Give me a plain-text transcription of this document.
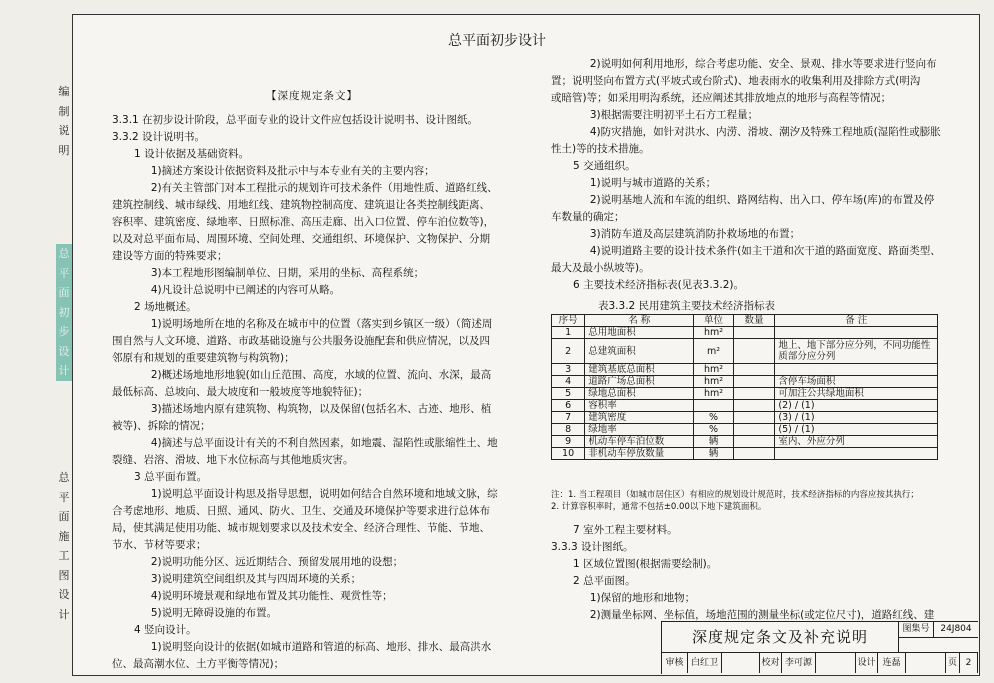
编
制
说
明
总
平
面
初
步
设
计
总
平
面
施
工
图
设
计
总平面初步设计

【深度规定条文】

3.3.1 在初步设计阶段，总平面专业的设计文件应包括设计说明书、设计图纸。

3.3.2 设计说明书。

1 设计依据及基础资料。

1)摘述方案设计依据资料及批示中与本专业有关的主要内容；

2)有关主管部门对本工程批示的规划许可技术条件（用地性质、道路红线、

建筑控制线、城市绿线、用地红线、建筑物控制高度、建筑退让各类控制线距离、

容积率、建筑密度、绿地率、日照标准、高压走廊、出入口位置、停车泊位数等)，

以及对总平面布局、周围环境、空间处理、交通组织、环境保护、文物保护、分期

建设等方面的特殊要求；

3)本工程地形图编制单位、日期，采用的坐标、高程系统；

4)凡设计总说明中已阐述的内容可从略。

2 场地概述。

1)说明场地所在地的名称及在城市中的位置（落实到乡镇区一级）（简述周

围自然与人文环境、道路、市政基础设施与公共服务设施配套和供应情况，以及四

邻原有和规划的重要建筑物与构筑物)；

2)概述场地地形地貌(如山丘范围、高度，水域的位置、流向、水深，最高

最低标高、总坡向、最大坡度和一般坡度等地貌特征)；

3)描述场地内原有建筑物、构筑物，以及保留(包括名木、古迹、地形、植

被等)、拆除的情况；

4)摘述与总平面设计有关的不利自然因素，如地震、湿陷性或胀缩性土、地

裂缝、岩溶、滑坡、地下水位标高与其他地质灾害。

3 总平面布置。

1)说明总平面设计构思及指导思想，说明如何结合自然环境和地域文脉，综

合考虑地形、地质、日照、通风、防火、卫生、交通及环境保护等要求进行总体布

局，使其满足使用功能、城市规划要求以及技术安全、经济合理性、节能、节地、

节水、节材等要求；

2)说明功能分区、远近期结合、预留发展用地的设想；

3)说明建筑空间组织及其与四周环境的关系；

4)说明环境景观和绿地布置及其功能性、观赏性等；

5)说明无障碍设施的布置。

4 竖向设计。

1)说明竖向设计的依据(如城市道路和管道的标高、地形、排水、最高洪水

位、最高潮水位、土方平衡等情况)；

2)说明如何利用地形，综合考虑功能、安全、景观、排水等要求进行竖向布

置；说明竖向布置方式(平坡式或台阶式)、地表雨水的收集利用及排除方式(明沟

或暗管)等；如采用明沟系统，还应阐述其排放地点的地形与高程等情况；

3)根据需要注明初平土石方工程量；

4)防灾措施，如针对洪水、内涝、滑坡、潮汐及特殊工程地质(湿陷性或膨胀

性土)等的技术措施。

5 交通组织。

1)说明与城市道路的关系；

2)说明基地人流和车流的组织、路网结构、出入口、停车场(库)的布置及停

车数量的确定；

3)消防车道及高层建筑消防扑救场地的布置；

4)说明道路主要的设计技术条件(如主干道和次干道的路面宽度、路面类型、

最大及最小纵坡等)。

6 主要技术经济指标表(见表3.3.2)。

表3.3.2 民用建筑主要技术经济指标表
序号	名 称	单位	数量	备 注
1	总用地面积	hm²		
2	总建筑面积	m²		地上、地下部分应分列，不同功能性质部分应分列
3	建筑基底总面积	hm²		
4	道路广场总面积	hm²		含停车场面积
5	绿地总面积	hm²		可加注公共绿地面积
6	容积率			(2) / (1)
7	建筑密度	%		(3) / (1)
8	绿地率	%		(5) / (1)
9	机动车停车泊位数	辆		室内、外应分列
10	非机动车停放数量	辆		

注：1. 当工程项目（如城市居住区）有相应的规划设计规范时，技术经济指标的内容应按其执行；

2. 计算容积率时，通常不包括±0.00以下地下建筑面积。

7 室外工程主要材料。

3.3.3 设计图纸。

1 区域位置图(根据需要绘制)。

2 总平面图。

1)保留的地形和地物；

2)测量坐标网、坐标值，场地范围的测量坐标(或定位尺寸)，道路红线、建

深度规定条文及补充说明	图集号	24J804
审核 白红卫	校对 李可源	设计 连磊	页 2
